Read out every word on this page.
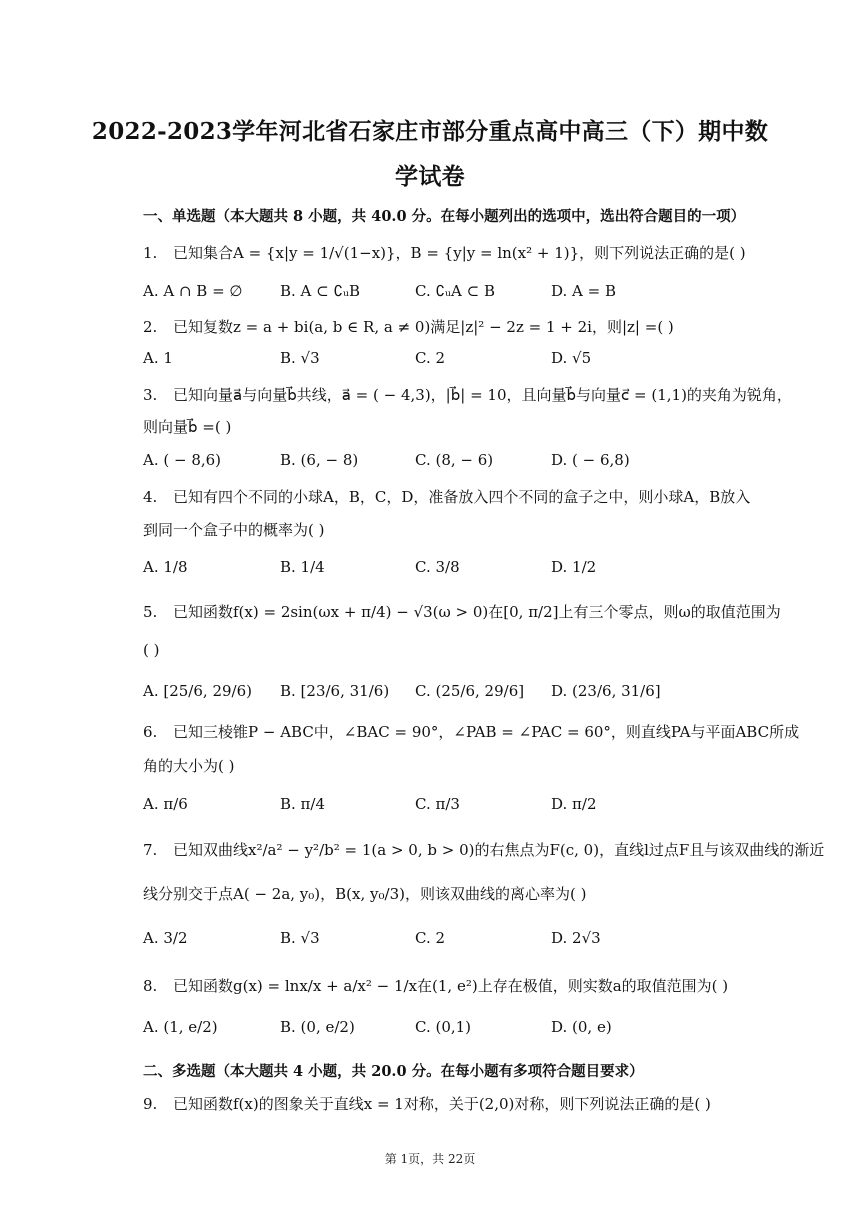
2022-2023学年河北省石家庄市部分重点高中高三（下）期中数
学试卷
一、单选题（本大题共 8 小题，共 40.0 分。在每小题列出的选项中，选出符合题目的一项）
1. 已知集合A = {x|y = 1/√(1−x)}，B = {y|y = ln(x² + 1)}，则下列说法正确的是( )
A. A ∩ B = ∅	B. A ⊂ ∁ᵤB	C. ∁ᵤA ⊂ B	D. A = B
2. 已知复数z = a + bi(a, b ∈ R, a ≠ 0)满足|z|² − 2z = 1 + 2i，则|z| =( )
A. 1	B. √3	C. 2	D. √5
3. 已知向量a⃗与向量b⃗共线，a⃗ = ( − 4,3)，|b⃗| = 10，且向量b⃗与向量c⃗ = (1,1)的夹角为锐角，
则向量b⃗ =( )
A. ( − 8,6)	B. (6, − 8)	C. (8, − 6)	D. ( − 6,8)
4. 已知有四个不同的小球A，B，C，D，准备放入四个不同的盒子之中，则小球A，B放入
到同一个盒子中的概率为( )
A. 1/8	B. 1/4	C. 3/8	D. 1/2
5. 已知函数f(x) = 2sin(ωx + π/4) − √3(ω > 0)在[0, π/2]上有三个零点，则ω的取值范围为
( )
A. [25/6, 29/6) B. [23/6, 31/6) C. (25/6, 29/6] D. (23/6, 31/6]
6. 已知三棱锥P − ABC中，∠BAC = 90°，∠PAB = ∠PAC = 60°，则直线PA与平面ABC所成
角的大小为( )
A. π/6	B. π/4	C. π/3	D. π/2
7. 已知双曲线x²/a² − y²/b² = 1(a > 0, b > 0)的右焦点为F(c, 0)，直线l过点F且与该双曲线的渐近
线分别交于点A( − 2a, y₀)，B(x, y₀/3)，则该双曲线的离心率为( )
A. 3/2	B. √3	C. 2	D. 2√3
8. 已知函数g(x) = lnx/x + a/x² − 1/x在(1, e²)上存在极值，则实数a的取值范围为( )
A. (1, e/2)	B. (0, e/2)	C. (0,1)	D. (0, e)
二、多选题（本大题共 4 小题，共 20.0 分。在每小题有多项符合题目要求）
9. 已知函数f(x)的图象关于直线x = 1对称，关于(2,0)对称，则下列说法正确的是( )
第 1页，共 22页
